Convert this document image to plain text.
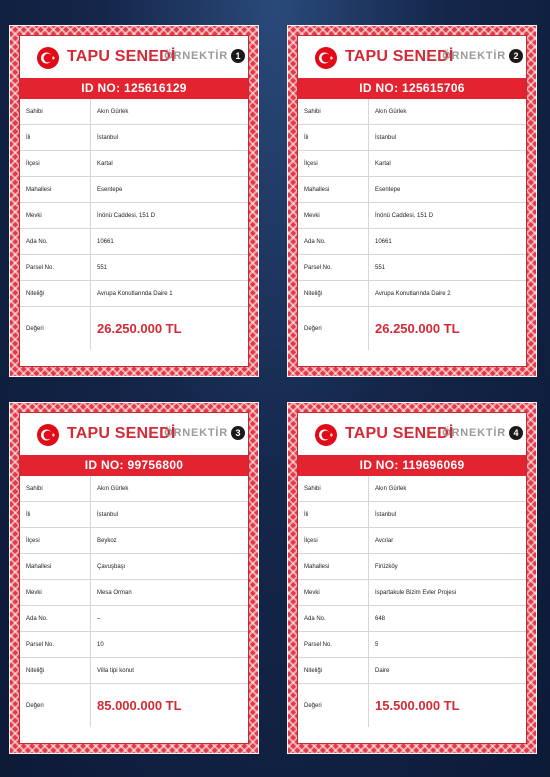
TAPU SENEDİ
ÖRNEKTİR 1
ID NO: 125616129
Sahibi	Akın Gürlek
İli	İstanbul
İlçesi	Kartal
Mahallesi	Esentepe
Mevki	İnönü Caddesi, 151 D
Ada No.	10661
Parsel No.	551
Niteliği	Avrupa Konutlarında Daire 1
Değeri	26.250.000 TL
TAPU SENEDİ
ÖRNEKTİR 2
ID NO: 125615706
Sahibi	Akın Gürlek
İli	İstanbul
İlçesi	Kartal
Mahallesi	Esentepe
Mevki	İnönü Caddesi, 151 D
Ada No.	10661
Parsel No.	551
Niteliği	Avrupa Konutlarında Daire 2
Değeri	26.250.000 TL
TAPU SENEDİ
ÖRNEKTİR 3
ID NO: 99756800
Sahibi	Akın Gürlek
İli	İstanbul
İlçesi	Beykoz
Mahallesi	Çavuşbaşı
Mevki	Mesa Orman
Ada No.	–
Parsel No.	10
Niteliği	Villa tipi konut
Değeri	85.000.000 TL
TAPU SENEDİ
ÖRNEKTİR 4
ID NO: 119696069
Sahibi	Akın Gürlek
İli	İstanbul
İlçesi	Avcılar
Mahallesi	Firüzköy
Mevki	Ispartakule Bizim Evler Projesi
Ada No.	648
Parsel No.	5
Niteliği	Daire
Değeri	15.500.000 TL
